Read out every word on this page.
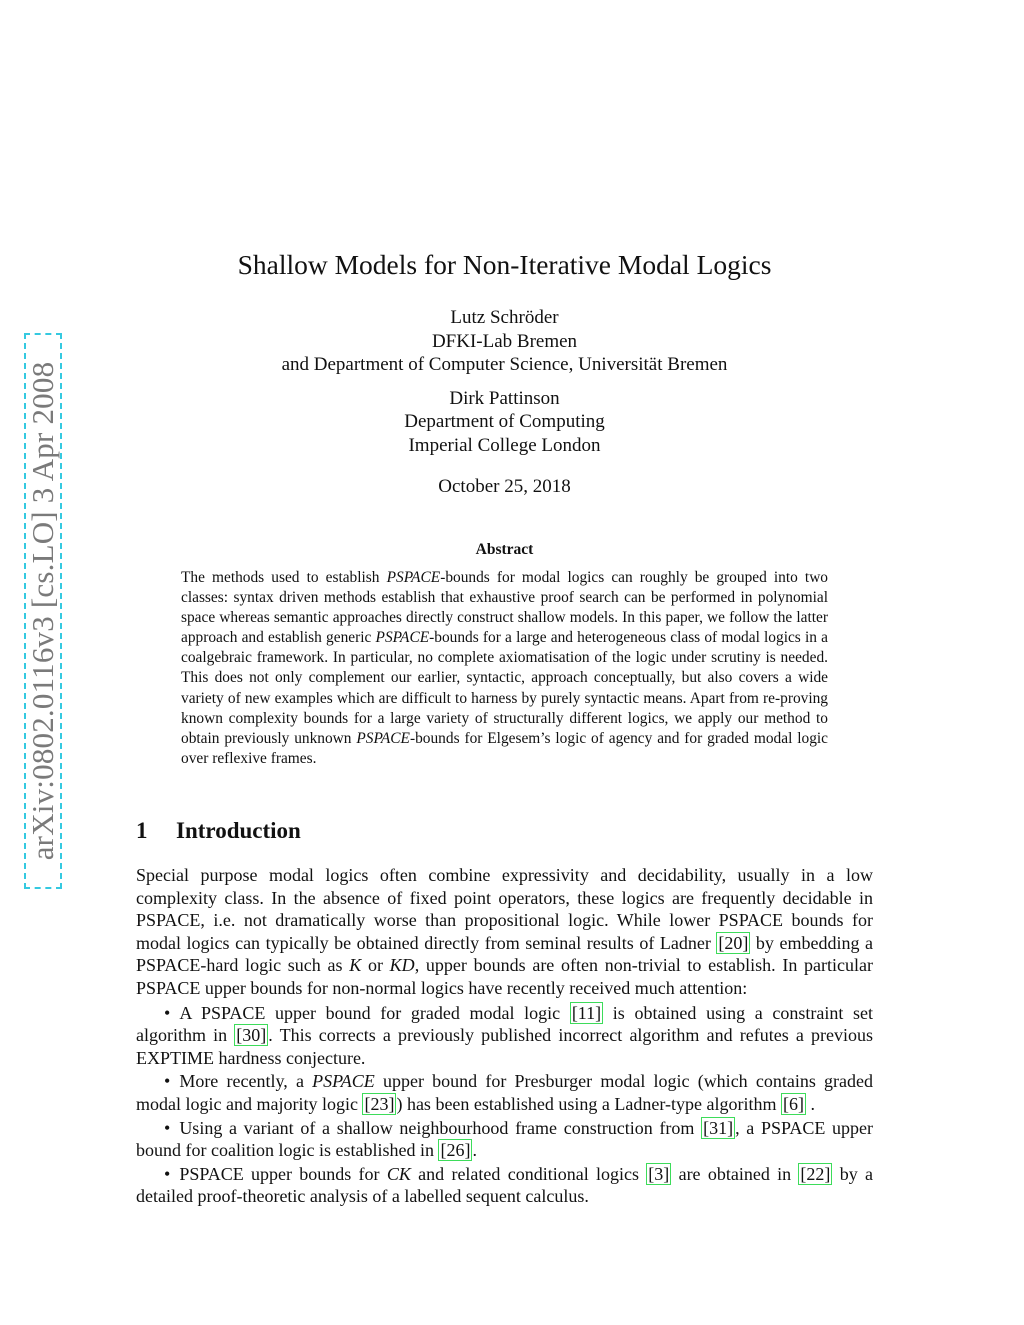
arXiv:0802.0116v3 [cs.LO] 3 Apr 2008
Shallow Models for Non-Iterative Modal Logics
Lutz Schröder
DFKI-Lab Bremen
and Department of Computer Science, Universität Bremen
Dirk Pattinson
Department of Computing
Imperial College London
October 25, 2018
Abstract

The methods used to establish PSPACE-bounds for modal logics can roughly be grouped into two classes: syntax driven methods establish that exhaustive proof search can be performed in polynomial space whereas semantic approaches directly construct shallow models. In this paper, we follow the latter approach and establish generic PSPACE-bounds for a large and heterogeneous class of modal logics in a coalgebraic framework. In particular, no complete axiomatisation of the logic under scrutiny is needed. This does not only complement our earlier, syntactic, approach conceptually, but also covers a wide variety of new examples which are difficult to harness by purely syntactic means. Apart from re-proving known complexity bounds for a large variety of structurally different logics, we apply our method to obtain previously unknown PSPACE-bounds for Elgesem’s logic of agency and for graded modal logic over reflexive frames.

1 Introduction

Special purpose modal logics often combine expressivity and decidability, usually in a low complexity class. In the absence of fixed point operators, these logics are frequently decidable in PSPACE, i.e. not dramatically worse than propositional logic. While lower PSPACE bounds for modal logics can typically be obtained directly from seminal results of Ladner [20] by embedding a PSPACE-hard logic such as K or KD, upper bounds are often non-trivial to establish. In particular PSPACE upper bounds for non-normal logics have recently received much attention:

• A PSPACE upper bound for graded modal logic [11] is obtained using a constraint set algorithm in [30] . This corrects a previously published incorrect algorithm and refutes a previous EXPTIME hardness conjecture.

• More recently, a PSPACE upper bound for Presburger modal logic (which contains graded modal logic and majority logic [23] ) has been established using a Ladner-type algorithm [6] .

• Using a variant of a shallow neighbourhood frame construction from [31] , a PSPACE upper bound for coalition logic is established in [26] .

• PSPACE upper bounds for CK and related conditional logics [3] are obtained in [22] by a detailed proof-theoretic analysis of a labelled sequent calculus.
